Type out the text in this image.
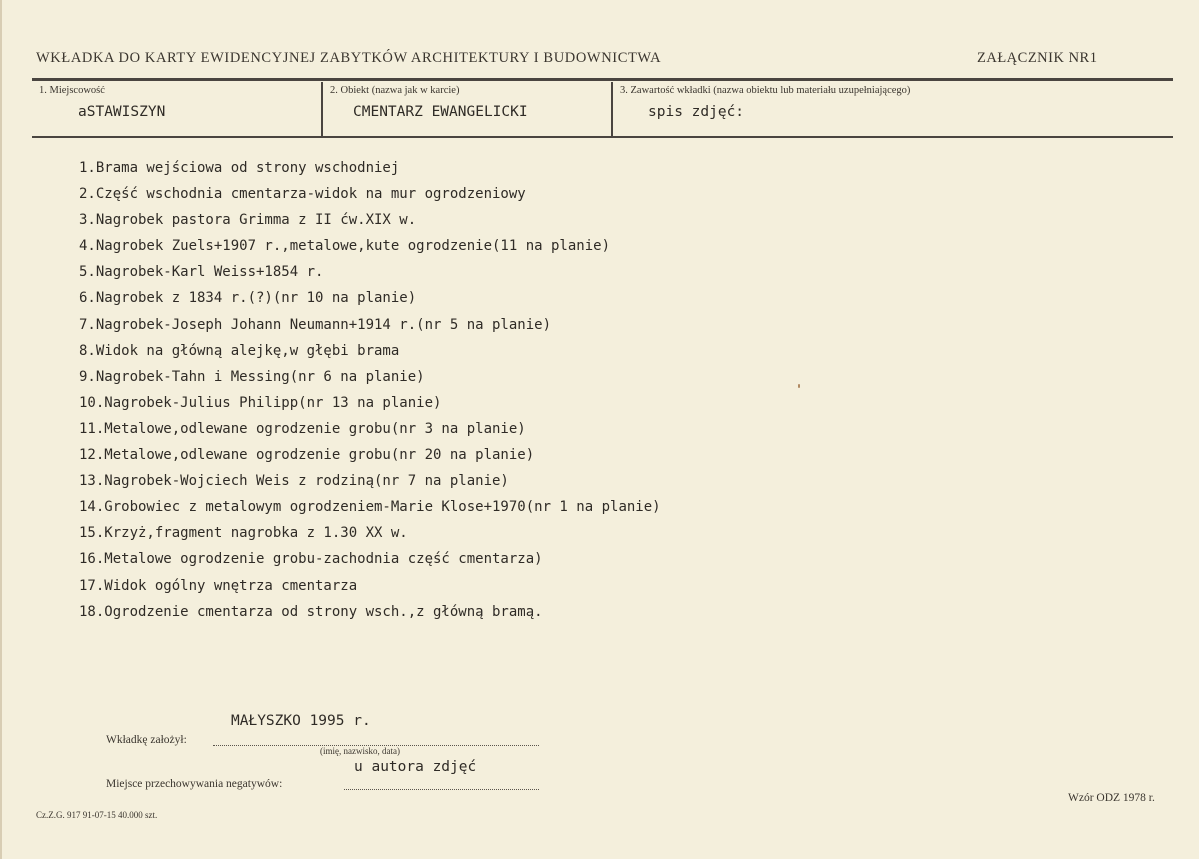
WKŁADKA DO KARTY EWIDENCYJNEJ ZABYTKÓW ARCHITEKTURY I BUDOWNICTWA	ZAŁĄCZNIK NR1
1. Miejscowość
aSTAWISZYN
2. Obiekt (nazwa jak w karcie)
CMENTARZ EWANGELICKI
3. Zawartość wkładki (nazwa obiektu lub materiału uzupełniającego)
spis zdjęć:
1.Brama wejściowa od strony wschodniej
2.Część wschodnia cmentarza-widok na mur ogrodzeniowy
3.Nagrobek pastora Grimma z II ćw.XIX w.
4.Nagrobek Zuels+1907 r.,metalowe,kute ogrodzenie(11 na planie)
5.Nagrobek-Karl Weiss+1854 r.
6.Nagrobek z 1834 r.(?)(nr 10 na planie)
7.Nagrobek-Joseph Johann Neumann+1914 r.(nr 5 na planie)
8.Widok na główną alejkę,w głębi brama
9.Nagrobek-Tahn i Messing(nr 6 na planie)
10.Nagrobek-Julius Philipp(nr 13 na planie)
11.Metalowe,odlewane ogrodzenie grobu(nr 3 na planie)
12.Metalowe,odlewane ogrodzenie grobu(nr 20 na planie)
13.Nagrobek-Wojciech Weis z rodziną(nr 7 na planie)
14.Grobowiec z metalowym ogrodzeniem-Marie Klose+1970(nr 1 na planie)
15.Krzyż,fragment nagrobka z 1.30 XX w.
16.Metalowe ogrodzenie grobu-zachodnia część cmentarza)
17.Widok ogólny wnętrza cmentarza
18.Ogrodzenie cmentarza od strony wsch.,z główną bramą.
MAŁYSZKO 1995 r.
Wkładkę założył:
(imię, nazwisko, data)
u autora zdjęć
Miejsce przechowywania negatywów:
Cz.Z.G. 917 91-07-15 40.000 szt.
Wzór ODZ 1978 r.
